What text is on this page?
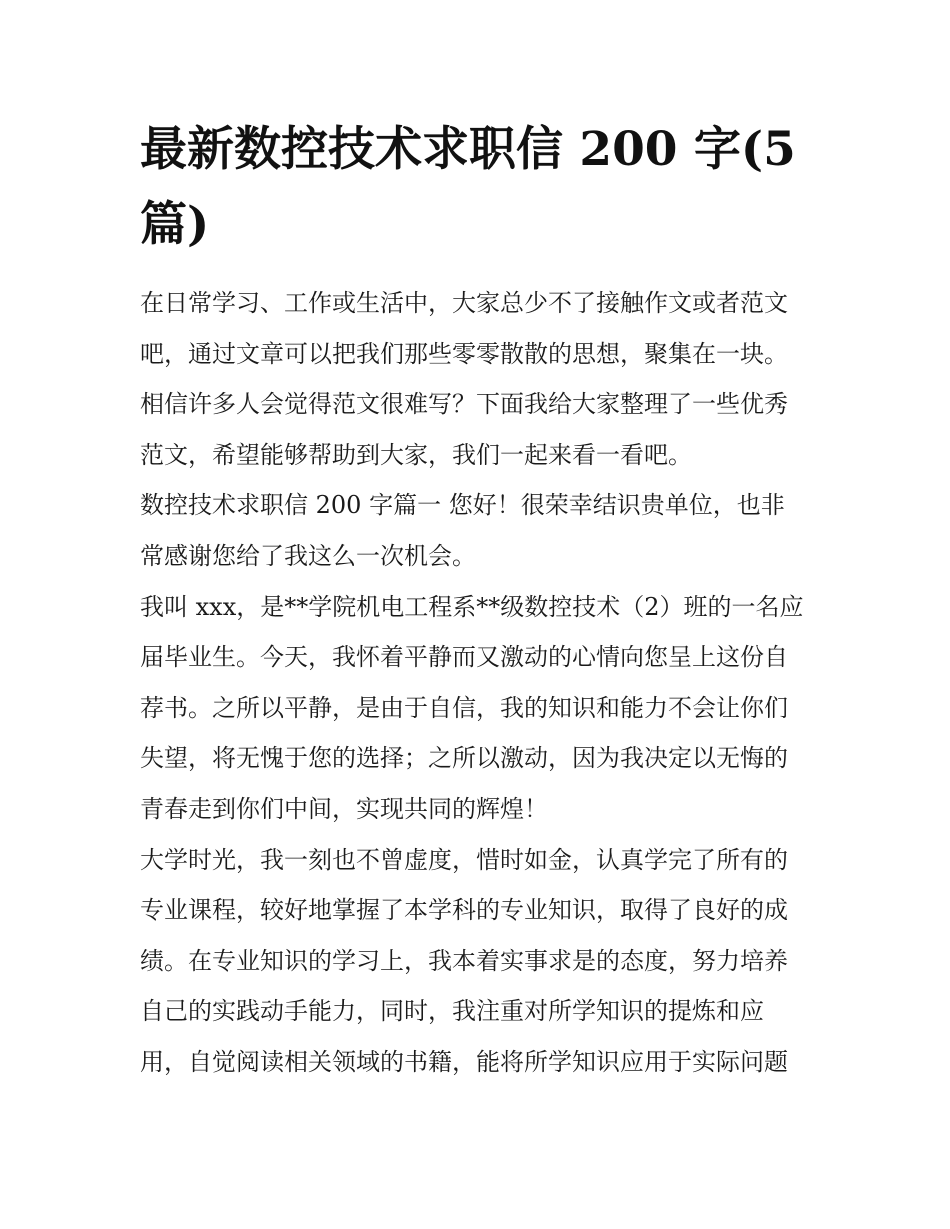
最新数控技术求职信 200 字(5
篇)
在日常学习、工作或生活中，大家总少不了接触作文或者范文
吧，通过文章可以把我们那些零零散散的思想，聚集在一块。
相信许多人会觉得范文很难写？下面我给大家整理了一些优秀
范文，希望能够帮助到大家，我们一起来看一看吧。
数控技术求职信 200 字篇一 您好！很荣幸结识贵单位，也非
常感谢您给了我这么一次机会。
我叫 xxx，是**学院机电工程系**级数控技术（2）班的一名应
届毕业生。今天，我怀着平静而又激动的心情向您呈上这份自
荐书。之所以平静，是由于自信，我的知识和能力不会让你们
失望，将无愧于您的选择；之所以激动，因为我决定以无悔的
青春走到你们中间，实现共同的辉煌！
大学时光，我一刻也不曾虚度，惜时如金，认真学完了所有的
专业课程，较好地掌握了本学科的专业知识，取得了良好的成
绩。在专业知识的学习上，我本着实事求是的态度，努力培养
自己的实践动手能力，同时，我注重对所学知识的提炼和应
用，自觉阅读相关领域的书籍，能将所学知识应用于实际问题
